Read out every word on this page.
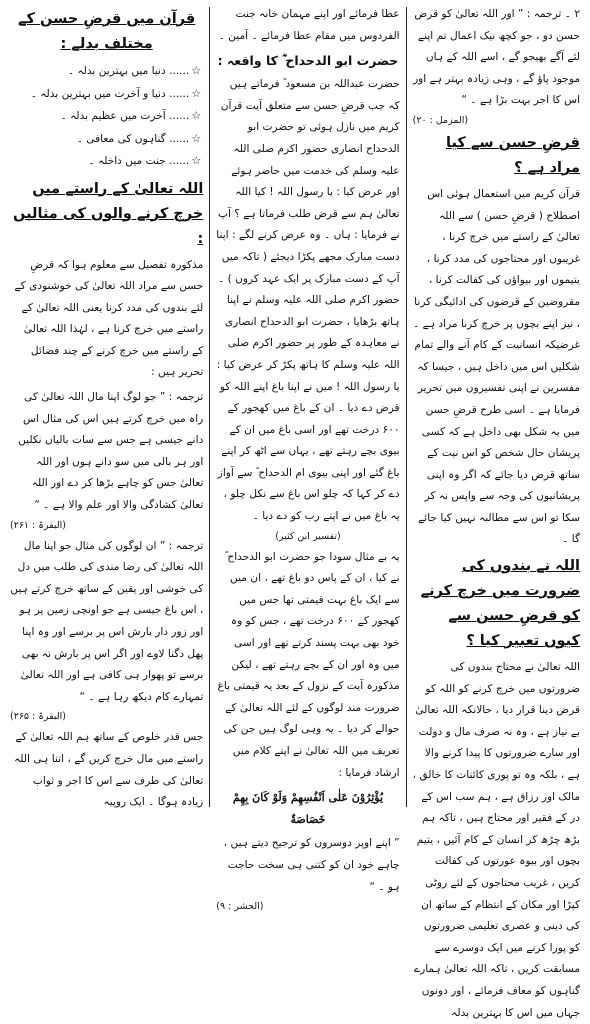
قرآن میں قرضِ حسن کے مختلف بدلے :
☆...... دنیا میں بہترین بدلہ ۔
☆...... دنیا و آخرت میں بہترین بدلہ ۔
☆...... آخرت میں عظیم بدلہ ۔
☆...... گناہوں کی معافی ۔
☆...... جنت میں داخلہ ۔
اللہ تعالیٰ کے راستے میں خرچ کرنے والوں کی مثالیں :

مذکورہ تفصیل سے معلوم ہوا کہ قرضِ حسن سے مراد اللہ تعالیٰ کی خوشنودی کے لئے بندوں کی مدد کرنا یعنی اللہ تعالیٰ کے راستے میں خرچ کرنا ہے ، لہٰذا اللہ تعالیٰ کے راستے میں خرچ کرنے کے چند فضائل تحریر ہیں :

ترجمہ : ” جو لوگ اپنا مال اللہ تعالیٰ کی راہ میں خرچ کرتے ہیں اس کی مثال اس دانے جیسی ہے جس سے سات بالیاں نکلیں اور ہر بالی میں سو دانے ہوں اور اللہ تعالیٰ جس کو چاہے بڑھا کر دے اور اللہ تعالیٰ کشادگی والا اور علم والا ہے ۔ “

(البقرۃ : ۲۶۱)

ترجمہ : ” ان لوگوں کی مثال جو اپنا مال اللہ تعالیٰ کی رضا مندی کی طلب میں دل کی خوشی اور یقین کے ساتھ خرچ کرتے ہیں ، اس باغ جیسی ہے جو اونچی زمین پر ہو اور زور دار بارش اس پر برسے اور وہ اپنا پھل دگنا لاوے اور اگر اس پر بارش نہ بھی برسے تو پھوار ہی کافی ہے اور اللہ تعالیٰ تمہارے کام دیکھ رہا ہے ۔ “

(البقرۃ : ۲۶۵)

جس قدر خلوص کے ساتھ ہم اللہ تعالیٰ کے راستے میں مال خرچ کریں گے ، اتنا ہی اللہ تعالیٰ کی طرف سے اس کا اجر و ثواب زیادہ ہوگا ۔ ایک روپیہ

عطا فرمائے اور اپنے مہمان خانہ جنت الفردوس میں مقام عطا فرمائے ۔ آمین ۔

حضرت ابو الدحداح ؓ کا واقعہ :

حضرت عبداللہ بن مسعود ؓ فرماتے ہیں کہ جب قرضِ حسن سے متعلق آیت قرآن کریم میں نازل ہوئی تو حضرت ابو الدحداح انصاری حضور اکرم صلی اللہ علیہ وسلم کی خدمت میں حاضر ہوئے اور عرض کیا : یا رسول اللہ ! کیا اللہ تعالیٰ ہم سے قرض طلب فرماتا ہے ؟ آپ نے فرمایا : ہاں ۔ وہ عرض کرنے لگے : اپنا دست مبارک مجھے پکڑا دیجئے ( تاکہ میں آپ کے دست مبارک پر ایک عہد کروں ) ۔ حضور اکرم صلی اللہ علیہ وسلم نے اپنا ہاتھ بڑھایا ، حضرت ابو الدحداح انصاری نے معاہدہ کے طور پر حضور اکرم صلی اللہ علیہ وسلم کا ہاتھ پکڑ کر عرض کیا : یا رسول اللہ ! میں نے اپنا باغ اپنے اللہ کو قرض دے دیا ۔ ان کے باغ میں کھجور کے ۶۰۰ درخت تھے اور اسی باغ میں ان کے بیوی بچے رہتے تھے ، یہاں سے اٹھ کر اپنے باغ گئے اور اپنی بیوی ام الدحداح ؓ سے آواز دے کر کہا کہ چلو اس باغ سے نکل چلو ، یہ باغ میں نے اپنے رب کو دے دیا ۔

(تفسیر ابن کثیر)

یہ بے مثال سودا جو حضرت ابو الدحداح ؓ نے کیا ، ان کے پاس دو باغ تھے ، ان میں سے ایک باغ بہت قیمتی تھا جس میں کھجور کے ۶۰۰ درخت تھے ، جس کو وہ خود بھی بہت پسند کرتے تھے اور اسی میں وہ اور ان کے بچے رہتے تھے ، لیکن مذکورہ آیت کے نزول کے بعد یہ قیمتی باغ ضرورت مند لوگوں کے لئے اللہ تعالیٰ کے حوالے کر دیا ۔ یہ وہی لوگ ہیں جن کی تعریف میں اللہ تعالیٰ نے اپنے کلام میں ارشاد فرمایا :

یُؤْثِرُوْنَ عَلٰی اَنْفُسِهِمْ وَلَوْ کَانَ بِهِمْ خَصَاصَةٌ

” اپنے اوپر دوسروں کو ترجیح دیتے ہیں ، چاہے خود ان کو کتنی ہی سخت حاجت ہو ۔ “

(الحشر : ۹)

۲ ۔ ترجمہ : ” اور اللہ تعالیٰ کو قرض حسن دو ، جو کچھ نیک اعمال تم اپنے لئے آگے بھیجو گے ، اسے اللہ کے ہاں موجود پاؤ گے ، وہی زیادہ بہتر ہے اور اس کا اجر بہت بڑا ہے ۔ “

(المزمل : ۲۰)
قرضِ حسن سے کیا مراد ہے ؟

قرآن کریم میں استعمال ہوئی اس اصطلاح ( قرضِ حسن ) سے اللہ تعالیٰ کے راستے میں خرچ کرنا ، غریبوں اور محتاجوں کی مدد کرنا ، یتیموں اور بیواؤں کی کفالت کرنا ، مقروضین کے قرضوں کی ادائیگی کرنا ، نیز اپنے بچوں پر خرچ کرنا مراد ہے ۔ غرضیکہ انسانیت کے کام آنے والے تمام شکلیں اس میں داخل ہیں ، جیسا کہ مفسرین نے اپنی تفسیروں میں تحریر فرمایا ہے ۔ اسی طرح قرضِ حسن میں یہ شکل بھی داخل ہے کہ کسی پریشان حال شخص کو اس نیت کے ساتھ قرض دیا جائے کہ اگر وہ اپنی پریشانیوں کی وجہ سے واپس نہ کر سکا تو اس سے مطالبہ نہیں کیا جائے گا ۔

اللہ نے بندوں کی ضرورت میں خرچ کرنے کو قرضِ حسن سے کیوں تعبیر کیا ؟

اللہ تعالیٰ نے محتاج بندوں کی ضرورتوں میں خرچ کرنے کو اللہ کو قرض دینا قرار دیا ، حالانکہ اللہ تعالیٰ بے نیاز ہے ، وہ نہ صرف مال و دولت اور سارے ضرورتوں کا پیدا کرنے والا ہے ، بلکہ وہ تو پوری کائنات کا خالق ، مالک اور رزاق ہے ، ہم سب اس کے در کے فقیر اور محتاج ہیں ، تاکہ ہم بڑھ چڑھ کر انسان کے کام آئیں ، یتیم بچوں اور بیوہ عورتوں کی کفالت کریں ، غریب محتاجوں کے لئے روٹی کپڑا اور مکان کے انتظام کے ساتھ ان کی دینی و عصری تعلیمی ضرورتوں کو پورا کرنے میں ایک دوسرے سے مسابقت کریں ، تاکہ اللہ تعالیٰ ہمارے گناہوں کو معاف فرمائے ، اور دونوں جہاں میں اس کا بہترین بدلہ
